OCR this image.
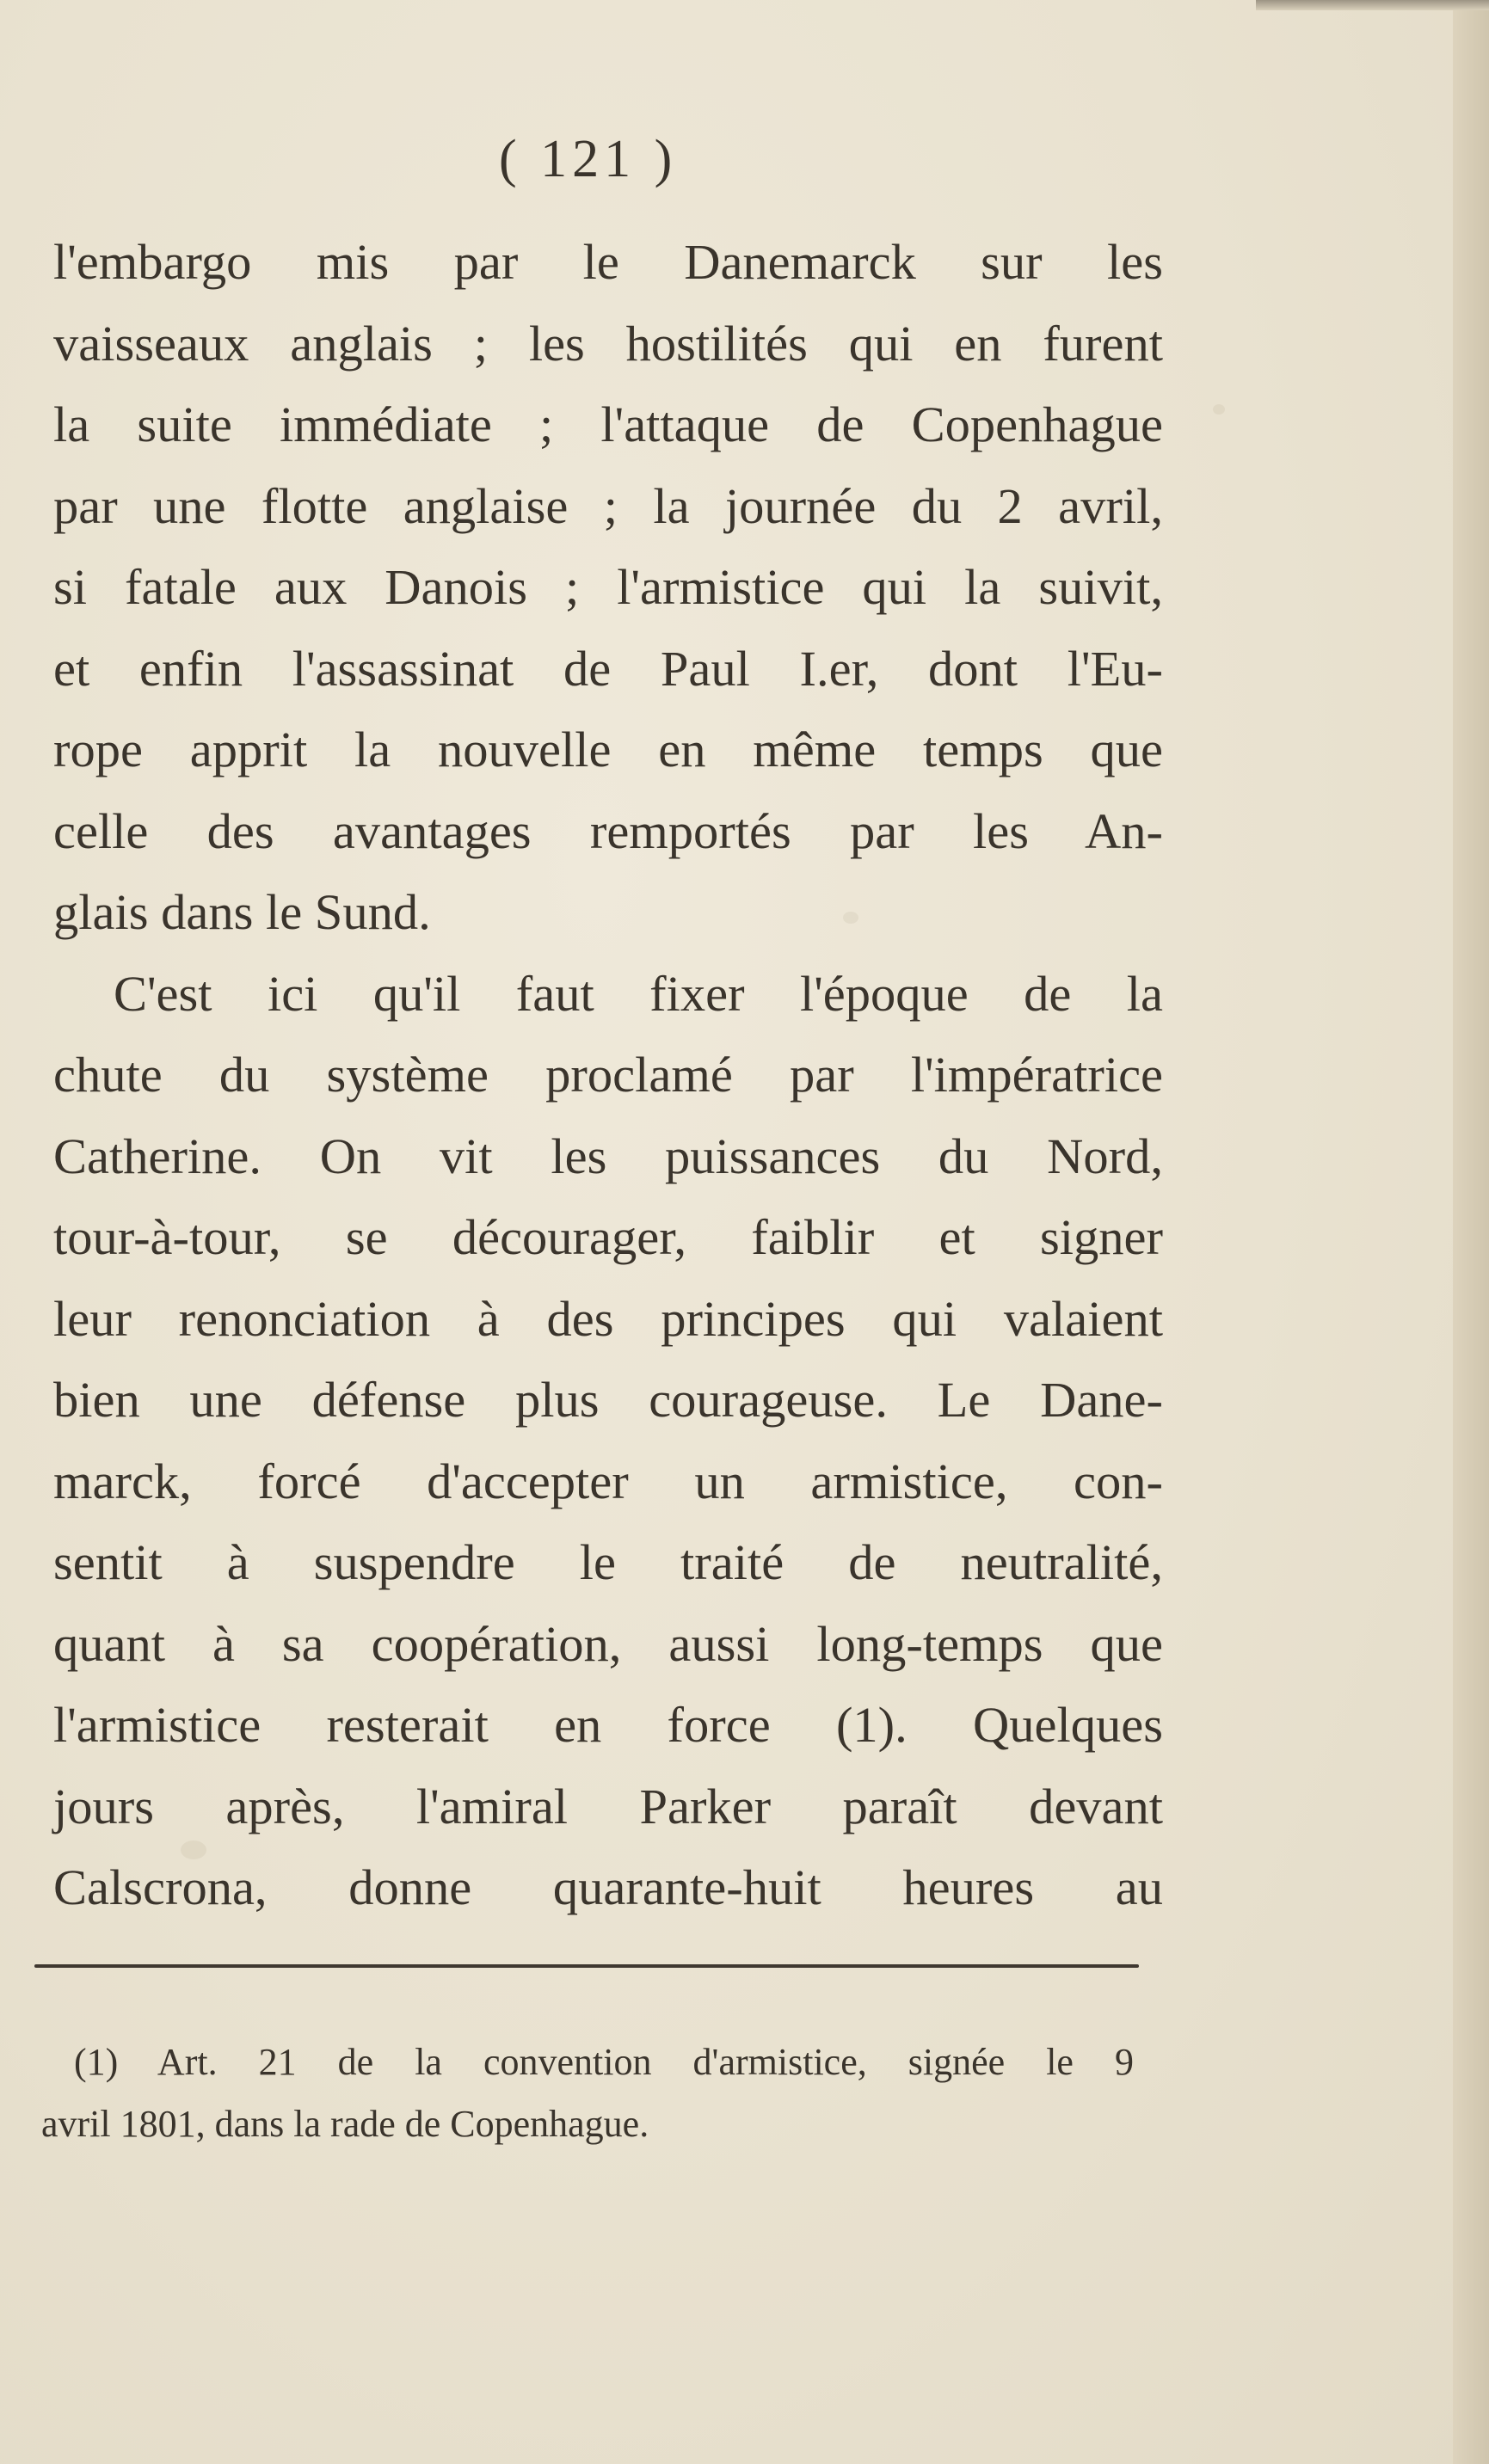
( 121 )
l'embargo mis par le Danemarck sur les
vaisseaux anglais ; les hostilités qui en furent
la suite immédiate ; l'attaque de Copenhague
par une flotte anglaise ; la journée du 2 avril,
si fatale aux Danois ; l'armistice qui la suivit,
et enfin l'assassinat de Paul I.er, dont l'Eu-
rope apprit la nouvelle en même temps que
celle des avantages remportés par les An-
glais dans le Sund.
C'est ici qu'il faut fixer l'époque de la
chute du système proclamé par l'impératrice
Catherine. On vit les puissances du Nord,
tour-à-tour, se décourager, faiblir et signer
leur renonciation à des principes qui valaient
bien une défense plus courageuse. Le Dane-
marck, forcé d'accepter un armistice, con-
sentit à suspendre le traité de neutralité,
quant à sa coopération, aussi long-temps que
l'armistice resterait en force (1). Quelques
jours après, l'amiral Parker paraît devant
Calscrona, donne quarante-huit heures au
(1) Art. 21 de la convention d'armistice, signée le 9
avril 1801, dans la rade de Copenhague.
